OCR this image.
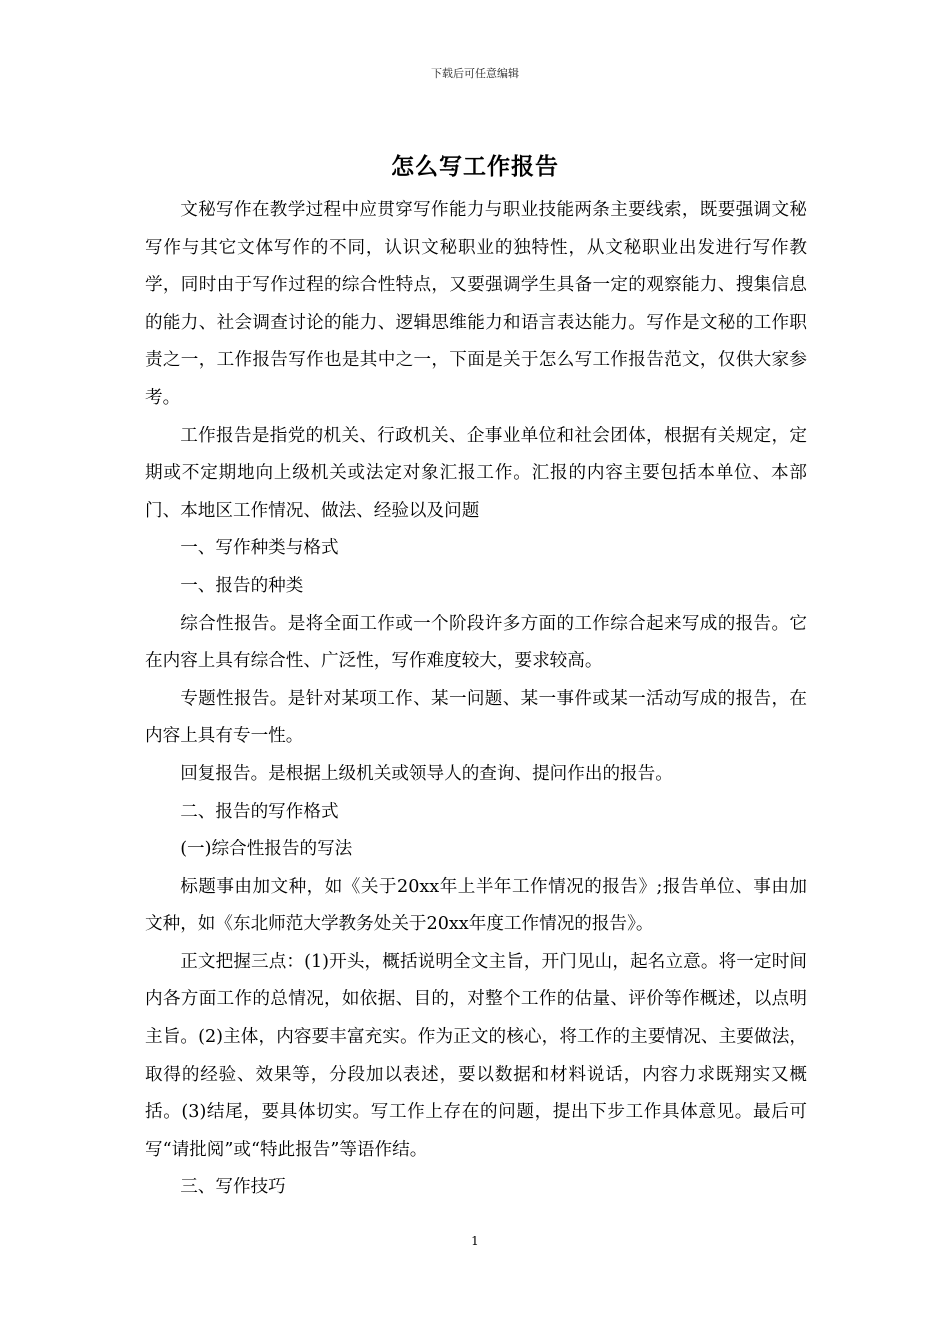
下载后可任意编辑
怎么写工作报告

文秘写作在教学过程中应贯穿写作能力与职业技能两条主要线索，既要强调文秘写作与其它文体写作的不同，认识文秘职业的独特性，从文秘职业出发进行写作教学，同时由于写作过程的综合性特点，又要强调学生具备一定的观察能力、搜集信息的能力、社会调查讨论的能力、逻辑思维能力和语言表达能力。写作是文秘的工作职责之一，工作报告写作也是其中之一，下面是关于怎么写工作报告范文，仅供大家参考。

工作报告是指党的机关、行政机关、企事业单位和社会团体，根据有关规定，定期或不定期地向上级机关或法定对象汇报工作。汇报的内容主要包括本单位、本部门、本地区工作情况、做法、经验以及问题

一、写作种类与格式

一、报告的种类

综合性报告。是将全面工作或一个阶段许多方面的工作综合起来写成的报告。它在内容上具有综合性、广泛性，写作难度较大，要求较高。

专题性报告。是针对某项工作、某一问题、某一事件或某一活动写成的报告，在内容上具有专一性。

回复报告。是根据上级机关或领导人的查询、提问作出的报告。

二、报告的写作格式

(一)综合性报告的写法

标题事由加文种，如《关于20xx年上半年工作情况的报告》;报告单位、事由加文种，如《东北师范大学教务处关于20xx年度工作情况的报告》。

正文把握三点：(1)开头，概括说明全文主旨，开门见山，起名立意。将一定时间内各方面工作的总情况，如依据、目的，对整个工作的估量、评价等作概述，以点明主旨。(2)主体，内容要丰富充实。作为正文的核心，将工作的主要情况、主要做法，取得的经验、效果等，分段加以表述，要以数据和材料说话，内容力求既翔实又概括。(3)结尾，要具体切实。写工作上存在的问题，提出下步工作具体意见。最后可写“请批阅”或“特此报告”等语作结。

三、写作技巧

1
